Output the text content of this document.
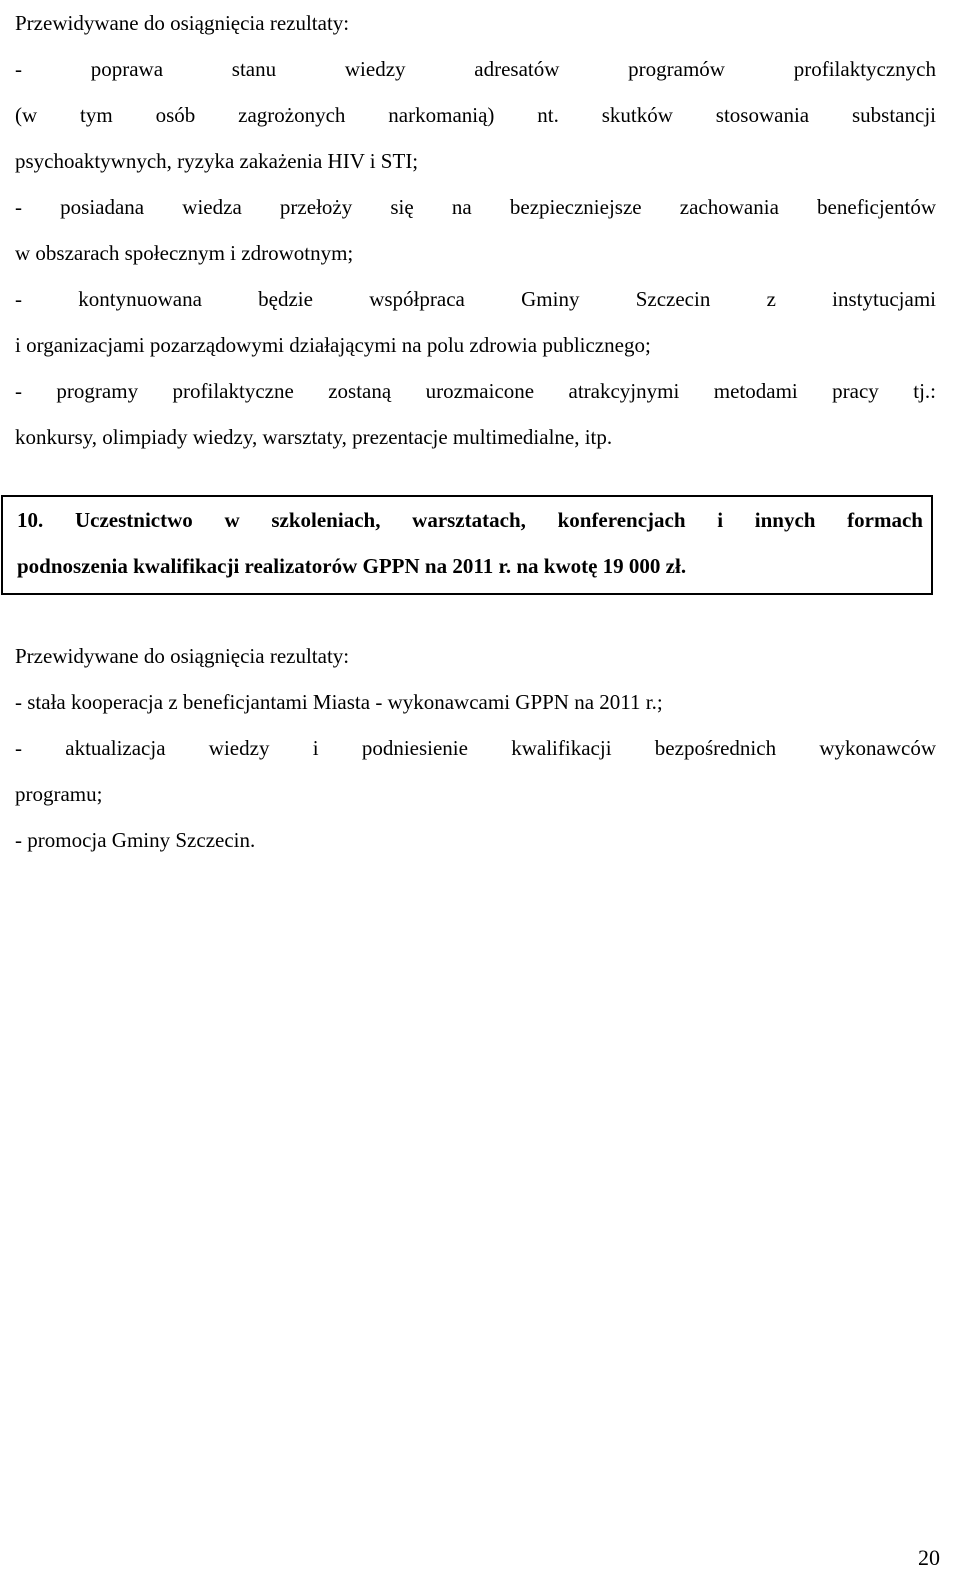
Przewidywane do osiągnięcia rezultaty:

- poprawa stanu wiedzy adresatów programów profilaktycznych

(w tym osób zagrożonych narkomanią) nt. skutków stosowania substancji

psychoaktywnych, ryzyka zakażenia HIV i STI;

- posiadana wiedza przełoży się na bezpieczniejsze zachowania beneficjentów

w obszarach społecznym i zdrowotnym;

- kontynuowana będzie współpraca Gminy Szczecin z instytucjami

i organizacjami pozarządowymi działającymi na polu zdrowia publicznego;

- programy profilaktyczne zostaną urozmaicone atrakcyjnymi metodami pracy tj.:

konkursy, olimpiady wiedzy, warsztaty, prezentacje multimedialne, itp.

10. Uczestnictwo w szkoleniach, warsztatach, konferencjach i innych formach

podnoszenia kwalifikacji realizatorów GPPN na 2011 r. na kwotę 19 000 zł.

Przewidywane do osiągnięcia rezultaty:

- stała kooperacja z beneficjantami Miasta - wykonawcami GPPN na 2011 r.;

- aktualizacja wiedzy i podniesienie kwalifikacji bezpośrednich wykonawców

programu;

- promocja Gminy Szczecin.

20
